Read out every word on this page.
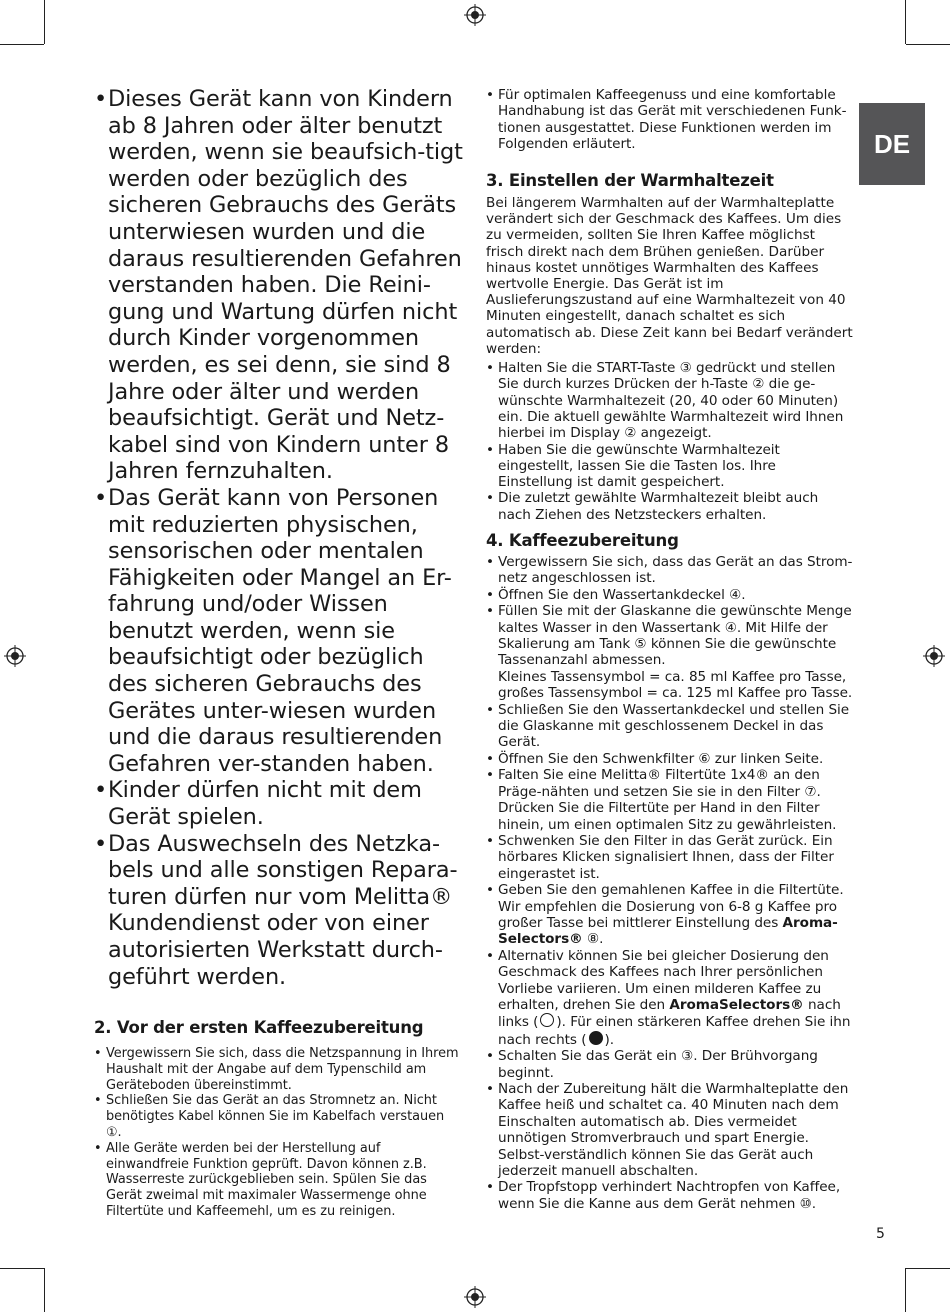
DE
• Dieses Gerät kann von Kindern ab 8 Jahren oder älter benutzt werden, wenn sie beaufsich-tigt werden oder bezüglich des sicheren Gebrauchs des Geräts unterwiesen wurden und die daraus resultierenden Gefahren verstanden haben. Die Reini-gung und Wartung dürfen nicht durch Kinder vorgenommen werden, es sei denn, sie sind 8 Jahre oder älter und werden beaufsichtigt. Gerät und Netz-kabel sind von Kindern unter 8 Jahren fernzuhalten.
• Das Gerät kann von Personen mit reduzierten physischen, sensorischen oder mentalen Fähigkeiten oder Mangel an Er-fahrung und/oder Wissen benutzt werden, wenn sie beaufsichtigt oder bezüglich des sicheren Gebrauchs des Gerätes unter-wiesen wurden und die daraus resultierenden Gefahren ver-standen haben.
• Kinder dürfen nicht mit dem Gerät spielen.
• Das Auswechseln des Netzka-bels und alle sonstigen Repara-turen dürfen nur vom Melitta® Kundendienst oder von einer autorisierten Werkstatt durch-geführt werden.
2. Vor der ersten Kaffeezubereitung
• Vergewissern Sie sich, dass die Netzspannung in Ihrem Haushalt mit der Angabe auf dem Typenschild am Geräteboden übereinstimmt.
• Schließen Sie das Gerät an das Stromnetz an. Nicht benötigtes Kabel können Sie im Kabelfach verstauen ①.
• Alle Geräte werden bei der Herstellung auf einwandfreie Funktion geprüft. Davon können z.B. Wasserreste zurückgeblieben sein. Spülen Sie das Gerät zweimal mit maximaler Wassermenge ohne Filtertüte und Kaffeemehl, um es zu reinigen.
• Für optimalen Kaffeegenuss und eine komfortable Handhabung ist das Gerät mit verschiedenen Funk-tionen ausgestattet. Diese Funktionen werden im Folgenden erläutert.
3. Einstellen der Warmhaltezeit

Bei längerem Warmhalten auf der Warmhalteplatte verändert sich der Geschmack des Kaffees. Um dies zu vermeiden, sollten Sie Ihren Kaffee möglichst frisch direkt nach dem Brühen genießen. Darüber hinaus kostet unnötiges Warmhalten des Kaffees wertvolle Energie. Das Gerät ist im Auslieferungszustand auf eine Warmhaltezeit von 40 Minuten eingestellt, danach schaltet es sich automatisch ab. Diese Zeit kann bei Bedarf verändert werden:

• Halten Sie die START-Taste ③ gedrückt und stellen Sie durch kurzes Drücken der h-Taste ② die ge-wünschte Warmhaltezeit (20, 40 oder 60 Minuten) ein. Die aktuell gewählte Warmhaltezeit wird Ihnen hierbei im Display ② angezeigt.
• Haben Sie die gewünschte Warmhaltezeit eingestellt, lassen Sie die Tasten los. Ihre Einstellung ist damit gespeichert.
• Die zuletzt gewählte Warmhaltezeit bleibt auch nach Ziehen des Netzsteckers erhalten.
4. Kaffeezubereitung
• Vergewissern Sie sich, dass das Gerät an das Strom-netz angeschlossen ist.
• Öffnen Sie den Wassertankdeckel ④.
• Füllen Sie mit der Glaskanne die gewünschte Menge kaltes Wasser in den Wassertank ④. Mit Hilfe der Skalierung am Tank ⑤ können Sie die gewünschte Tassenanzahl abmessen.
Kleines Tassensymbol = ca. 85 ml Kaffee pro Tasse,
großes Tassensymbol = ca. 125 ml Kaffee pro Tasse.
• Schließen Sie den Wassertankdeckel und stellen Sie die Glaskanne mit geschlossenem Deckel in das Gerät.
• Öffnen Sie den Schwenkfilter ⑥ zur linken Seite.
• Falten Sie eine Melitta® Filtertüte 1x4® an den Präge-nähten und setzen Sie sie in den Filter ⑦. Drücken Sie die Filtertüte per Hand in den Filter hinein, um einen optimalen Sitz zu gewährleisten.
• Schwenken Sie den Filter in das Gerät zurück. Ein hörbares Klicken signalisiert Ihnen, dass der Filter eingerastet ist.
• Geben Sie den gemahlenen Kaffee in die Filtertüte. Wir empfehlen die Dosierung von 6-8 g Kaffee pro großer Tasse bei mittlerer Einstellung des Aroma-Selectors® ⑧.
• Alternativ können Sie bei gleicher Dosierung den Geschmack des Kaffees nach Ihrer persönlichen Vorliebe variieren. Um einen milderen Kaffee zu erhalten, drehen Sie den AromaSelectors® nach links ( ). Für einen stärkeren Kaffee drehen Sie ihn nach rechts ( ).
• Schalten Sie das Gerät ein ③. Der Brühvorgang beginnt.
• Nach der Zubereitung hält die Warmhalteplatte den Kaffee heiß und schaltet ca. 40 Minuten nach dem Einschalten automatisch ab. Dies vermeidet unnötigen Stromverbrauch und spart Energie. Selbst-verständlich können Sie das Gerät auch jederzeit manuell abschalten.
• Der Tropfstopp verhindert Nachtropfen von Kaffee, wenn Sie die Kanne aus dem Gerät nehmen ⑩.
5
